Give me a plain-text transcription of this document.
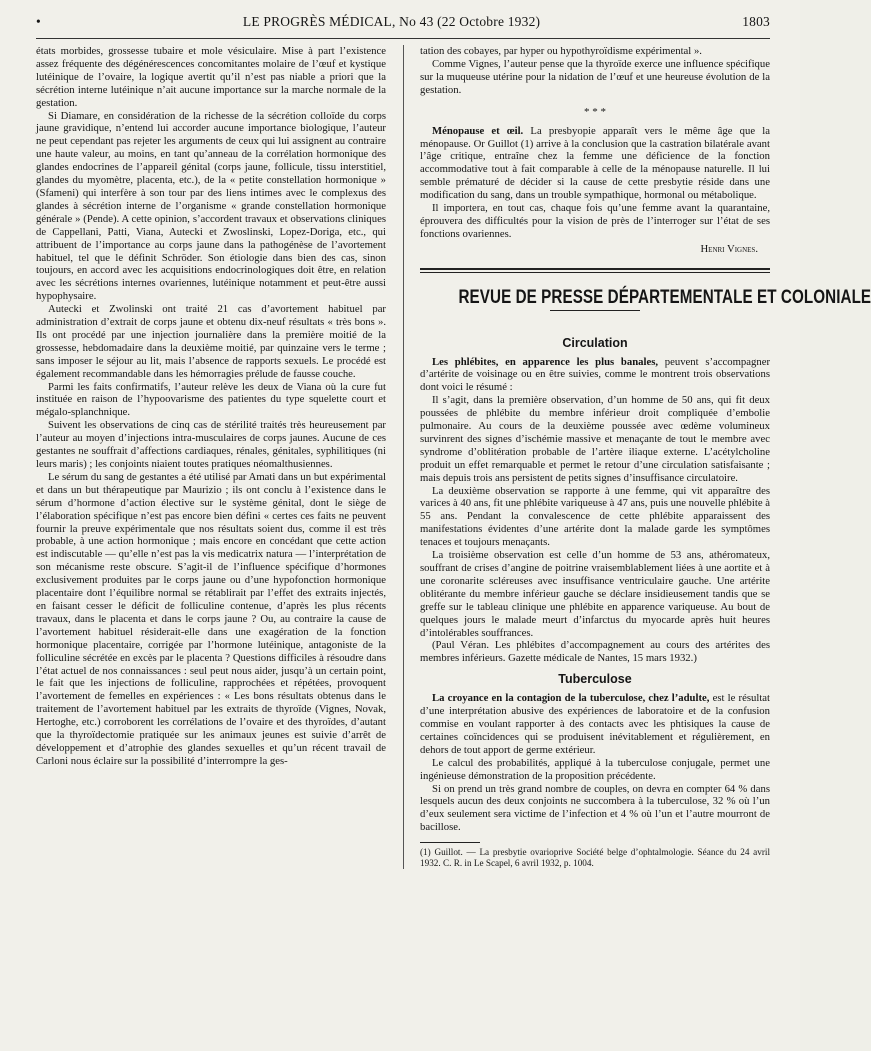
•	LE PROGRÈS MÉDICAL, No 43 (22 Octobre 1932)	1803

états morbides, grossesse tubaire et mole vésiculaire. Mise à part l’existence assez fréquente des dégénérescences concomitantes molaire de l’œuf et kystique lutéinique de l’ovaire, la logique avertit qu’il n’est pas niable a priori que la sécrétion interne lutéinique n’ait aucune importance sur la marche normale de la gestation.

Si Diamare, en considération de la richesse de la sécrétion colloïde du corps jaune gravidique, n’entend lui accorder aucune importance biologique, l’auteur ne peut cependant pas rejeter les arguments de ceux qui lui assignent au contraire une haute valeur, au moins, en tant qu’anneau de la corrélation hormonique des glandes endocrines de l’appareil génital (corps jaune, follicule, tissu interstitiel, glandes du myomètre, placenta, etc.), de la « petite constellation hormonique » (Sfameni) qui interfère à son tour par des liens intimes avec le complexus des glandes à sécrétion interne de l’organisme « grande constellation hormonique générale » (Pende). A cette opinion, s’accordent travaux et observations cliniques de Cappellani, Patti, Viana, Autecki et Zwoslinski, Lopez-Doriga, etc., qui attribuent de l’importance au corps jaune dans la pathogénèse de l’avortement habituel, tel que le définit Schröder. Son étiologie dans bien des cas, sinon toujours, en accord avec les acquisitions endocrinologiques doit être, en relation avec les sécrétions internes ovariennes, lutéinique notamment et peut-être aussi hypophysaire.

Autecki et Zwolinski ont traité 21 cas d’avortement habituel par administration d’extrait de corps jaune et obtenu dix-neuf résultats « très bons ». Ils ont procédé par une injection journalière dans la première moitié de la grossesse, hebdomadaire dans la deuxième moitié, par quinzaine vers le terme ; sans imposer le séjour au lit, mais l’absence de rapports sexuels. Le procédé est également recommandable dans les hémorragies prélude de fausse couche.

Parmi les faits confirmatifs, l’auteur relève les deux de Viana où la cure fut instituée en raison de l’hypoovarisme des patientes du type squelette court et mégalo-splanchnique.

Suivent les observations de cinq cas de stérilité traités très heureusement par l’auteur au moyen d’injections intra-musculaires de corps jaunes. Aucune de ces gestantes ne souffrait d’affections cardiaques, rénales, génitales, syphilitiques (ni leurs maris) ; les conjoints niaient toutes pratiques néomalthusiennes.

Le sérum du sang de gestantes a été utilisé par Amati dans un but expérimental et dans un but thérapeutique par Maurizio ; ils ont conclu à l’existence dans le sérum d’hormone d’action élective sur le système génital, dont le siège de l’élaboration spécifique n’est pas encore bien défini « certes ces faits ne peuvent fournir la preuve expérimentale que nos résultats soient dus, comme il est très probable, à une action hormonique ; mais encore en concédant que cette action est indiscutable — qu’elle n’est pas la vis medicatrix natura — l’interprétation de son mécanisme reste obscure. S’agit-il de l’influence spécifique d’hormones exclusivement produites par le corps jaune ou d’une hypofonction hormonique placentaire dont l’équilibre normal se rétablirait par l’effet des extraits injectés, en faisant cesser le déficit de folliculine contenue, d’après les plus récents travaux, dans le placenta et dans le corps jaune ? Ou, au contraire la cause de l’avortement habituel résiderait-elle dans une exagération de la fonction hormonique placentaire, corrigée par l’hormone lutéinique, antagoniste de la folliculine sécrétée en excès par le placenta ? Questions difficiles à résoudre dans l’état actuel de nos connaissances : seul peut nous aider, jusqu’à un certain point, le fait que les injections de folliculine, rapprochées et répétées, provoquent l’avortement de femelles en expériences : « Les bons résultats obtenus dans le traitement de l’avortement habituel par les extraits de thyroïde (Vignes, Novak, Hertoghe, etc.) corroborent les corrélations de l’ovaire et des thyroïdes, d’autant que la thyroïdectomie pratiquée sur les animaux jeunes est suivie d’arrêt de développement et d’atrophie des glandes sexuelles et qu’un récent travail de Carloni nous éclaire sur la possibilité d’interrompre la ges-

tation des cobayes, par hyper ou hypothyroïdisme expérimental ».

Comme Vignes, l’auteur pense que la thyroïde exerce une influence spécifique sur la muqueuse utérine pour la nidation de l’œuf et une heureuse évolution de la gestation.

* * *

Ménopause et œil. La presbyopie apparaît vers le même âge que la ménopause. Or Guillot (1) arrive à la conclusion que la castration bilatérale avant l’âge critique, entraîne chez la femme une déficience de la fonction accommodative tout à fait comparable à celle de la ménopause naturelle. Il lui semble prématuré de décider si la cause de cette presbytie réside dans une modification du sang, dans un trouble sympathique, hormonal ou métabolique.

Il importera, en tout cas, chaque fois qu’une femme avant la quarantaine, éprouvera des difficultés pour la vision de près de l’interroger sur l’état de ses fonctions ovariennes.

Henri Vignes.
REVUE DE PRESSE DÉPARTEMENTALE ET COLONIALE
Circulation

Les phlébites, en apparence les plus banales, peuvent s’accompagner d’artérite de voisinage ou en être suivies, comme le montrent trois observations dont voici le résumé :

Il s’agit, dans la première observation, d’un homme de 50 ans, qui fit deux poussées de phlébite du membre inférieur droit compliquée d’embolie pulmonaire. Au cours de la deuxième poussée avec œdème volumineux survinrent des signes d’ischémie massive et menaçante de tout le membre avec syndrome d’oblitération probable de l’artère iliaque externe. L’acétylcholine produit un effet remarquable et permet le retour d’une circulation satisfaisante ; mais depuis trois ans persistent de petits signes d’insuffisance circulatoire.

La deuxième observation se rapporte à une femme, qui vit apparaître des varices à 40 ans, fit une phlébite variqueuse à 47 ans, puis une nouvelle phlébite à 55 ans. Pendant la convalescence de cette phlébite apparaissent des manifestations évidentes d’une artérite dont la malade garde les symptômes tenaces et toujours menaçants.

La troisième observation est celle d’un homme de 53 ans, athéromateux, souffrant de crises d’angine de poitrine vraisemblablement liées à une aortite et à une coronarite scléreuses avec insuffisance ventriculaire gauche. Une artérite oblitérante du membre inférieur gauche se déclare insidieusement tandis que se greffe sur le tableau clinique une phlébite en apparence variqueuse. Au bout de quelques jours le malade meurt d’infarctus du myocarde après huit heures d’intolérables souffrances.

(Paul Véran. Les phlébites d’accompagnement au cours des artérites des membres inférieurs. Gazette médicale de Nantes, 15 mars 1932.)

Tuberculose

La croyance en la contagion de la tuberculose, chez l’adulte, est le résultat d’une interprétation abusive des expériences de laboratoire et de la confusion commise en voulant rapporter à des contacts avec les phtisiques la cause de certaines coïncidences qui se produisent inévitablement et régulièrement, en dehors de tout apport de germe extérieur.

Le calcul des probabilités, appliqué à la tuberculose conjugale, permet une ingénieuse démonstration de la proposition précédente.

Si on prend un très grand nombre de couples, on devra en compter 64 % dans lesquels aucun des deux conjoints ne succombera à la tuberculose, 32 % où l’un d’eux seulement sera victime de l’infection et 4 % où l’un et l’autre mourront de bacillose.

(1) Guillot. — La presbytie ovarioprive Société belge d’ophtalmologie. Séance du 24 avril 1932. C. R. in Le Scapel, 6 avril 1932, p. 1004.
